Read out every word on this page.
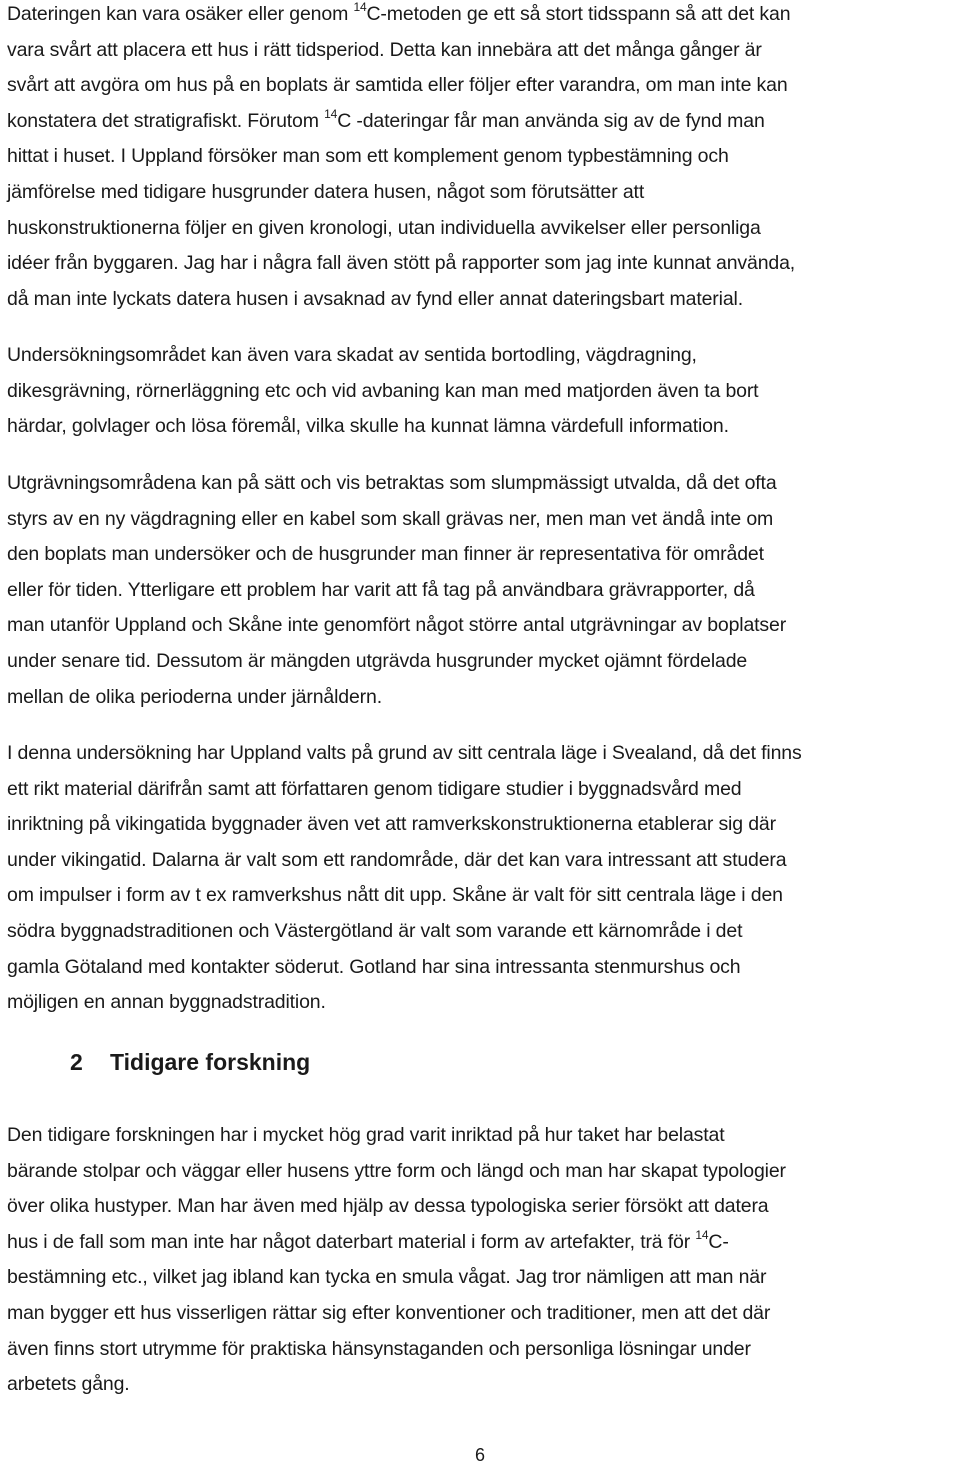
Dateringen kan vara osäker eller genom $^{14}$C-metoden ge ett så stort tidsspann så att det kan
vara svårt att placera ett hus i rätt tidsperiod. Detta kan innebära att det många gånger är
svårt att avgöra om hus på en boplats är samtida eller följer efter varandra, om man inte kan
konstatera det stratigrafiskt. Förutom $^{14}$C -dateringar får man använda sig av de fynd man
hittat i huset. I Uppland försöker man som ett komplement genom typbestämning och
jämförelse med tidigare husgrunder datera husen, något som förutsätter att
huskonstruktionerna följer en given kronologi, utan individuella avvikelser eller personliga
idéer från byggaren. Jag har i några fall även stött på rapporter som jag inte kunnat använda,
då man inte lyckats datera husen i avsaknad av fynd eller annat dateringsbart material.

Undersökningsområdet kan även vara skadat av sentida bortodling, vägdragning,
dikesgrävning, rörnerläggning etc och vid avbaning kan man med matjorden även ta bort
härdar, golvlager och lösa föremål, vilka skulle ha kunnat lämna värdefull information.

Utgrävningsområdena kan på sätt och vis betraktas som slumpmässigt utvalda, då det ofta
styrs av en ny vägdragning eller en kabel som skall grävas ner, men man vet ändå inte om
den boplats man undersöker och de husgrunder man finner är representativa för området
eller för tiden. Ytterligare ett problem har varit att få tag på användbara grävrapporter, då
man utanför Uppland och Skåne inte genomfört något större antal utgrävningar av boplatser
under senare tid. Dessutom är mängden utgrävda husgrunder mycket ojämnt fördelade
mellan de olika perioderna under järnåldern.

I denna undersökning har Uppland valts på grund av sitt centrala läge i Svealand, då det finns
ett rikt material därifrån samt att författaren genom tidigare studier i byggnadsvård med
inriktning på vikingatida byggnader även vet att ramverkskonstruktionerna etablerar sig där
under vikingatid. Dalarna är valt som ett randområde, där det kan vara intressant att studera
om impulser i form av t ex ramverkshus nått dit upp. Skåne är valt för sitt centrala läge i den
södra byggnadstraditionen och Västergötland är valt som varande ett kärnområde i det
gamla Götaland med kontakter söderut. Gotland har sina intressanta stenmurshus och
möjligen en annan byggnadstradition.

2 Tidigare forskning

Den tidigare forskningen har i mycket hög grad varit inriktad på hur taket har belastat
bärande stolpar och väggar eller husens yttre form och längd och man har skapat typologier
över olika hustyper. Man har även med hjälp av dessa typologiska serier försökt att datera
hus i de fall som man inte har något daterbart material i form av artefakter, trä för $^{14}$C-
bestämning etc., vilket jag ibland kan tycka en smula vågat. Jag tror nämligen att man när
man bygger ett hus visserligen rättar sig efter konventioner och traditioner, men att det där
även finns stort utrymme för praktiska hänsynstaganden och personliga lösningar under
arbetets gång.

6
